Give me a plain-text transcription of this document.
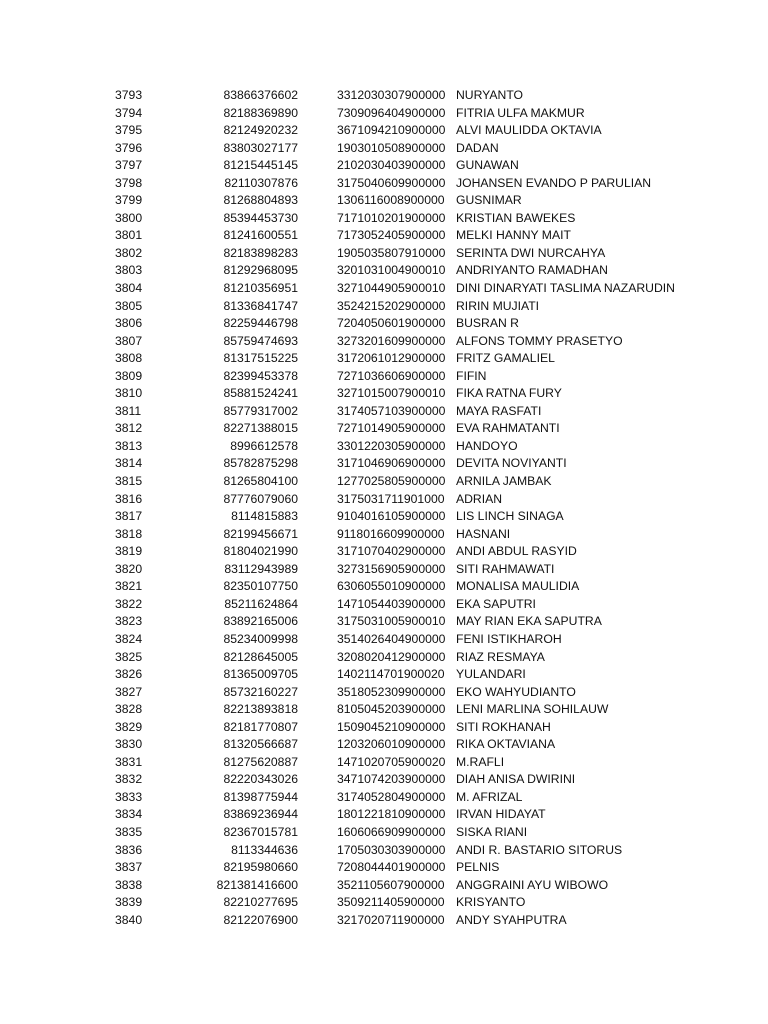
3793	83866376602	3312030307900000 NURYANTO
3794	82188369890	7309096404900000 FITRIA ULFA MAKMUR
3795	82124920232	3671094210900000 ALVI MAULIDDA OKTAVIA
3796	83803027177	1903010508900000 DADAN
3797	81215445145	2102030403900000 GUNAWAN
3798	82110307876	3175040609900000 JOHANSEN EVANDO P PARULIAN
3799	81268804893	1306116008900000 GUSNIMAR
3800	85394453730	7171010201900000 KRISTIAN BAWEKES
3801	81241600551	7173052405900000 MELKI HANNY MAIT
3802	82183898283	1905035807910000 SERINTA DWI NURCAHYA
3803	81292968095	3201031004900010 ANDRIYANTO RAMADHAN
3804	81210356951	3271044905900010 DINI DINARYATI TASLIMA NAZARUDIN
3805	81336841747	3524215202900000 RIRIN MUJIATI
3806	82259446798	7204050601900000 BUSRAN R
3807	85759474693	3273201609900000 ALFONS TOMMY PRASETYO
3808	81317515225	3172061012900000 FRITZ GAMALIEL
3809	82399453378	7271036606900000 FIFIN
3810	85881524241	3271015007900010 FIKA RATNA FURY
3811	85779317002	3174057103900000 MAYA RASFATI
3812	82271388015	7271014905900000 EVA RAHMATANTI
3813	8996612578	3301220305900000 HANDOYO
3814	85782875298	3171046906900000 DEVITA NOVIYANTI
3815	81265804100	1277025805900000 ARNILA JAMBAK
3816	87776079060	3175031711901000 ADRIAN
3817	8114815883	9104016105900000 LIS LINCH SINAGA
3818	82199456671	9118016609900000 HASNANI
3819	81804021990	3171070402900000 ANDI ABDUL RASYID
3820	83112943989	3273156905900000 SITI RAHMAWATI
3821	82350107750	6306055010900000 MONALISA MAULIDIA
3822	85211624864	1471054403900000 EKA SAPUTRI
3823	83892165006	3175031005900010 MAY RIAN EKA SAPUTRA
3824	85234009998	3514026404900000 FENI ISTIKHAROH
3825	82128645005	3208020412900000 RIAZ RESMAYA
3826	81365009705	1402114701900020 YULANDARI
3827	85732160227	3518052309900000 EKO WAHYUDIANTO
3828	82213893818	8105045203900000 LENI MARLINA SOHILAUW
3829	82181770807	1509045210900000 SITI ROKHANAH
3830	81320566687	1203206010900000 RIKA OKTAVIANA
3831	81275620887	1471020705900020 M.RAFLI
3832	82220343026	3471074203900000 DIAH ANISA DWIRINI
3833	81398775944	3174052804900000 M. AFRIZAL
3834	83869236944	1801221810900000 IRVAN HIDAYAT
3835	82367015781	1606066909900000 SISKA RIANI
3836	8113344636	1705030303900000 ANDI R. BASTARIO SITORUS
3837	82195980660	7208044401900000 PELNIS
3838	821381416600	3521105607900000 ANGGRAINI AYU WIBOWO
3839	82210277695	3509211405900000 KRISYANTO
3840	82122076900	3217020711900000 ANDY SYAHPUTRA
